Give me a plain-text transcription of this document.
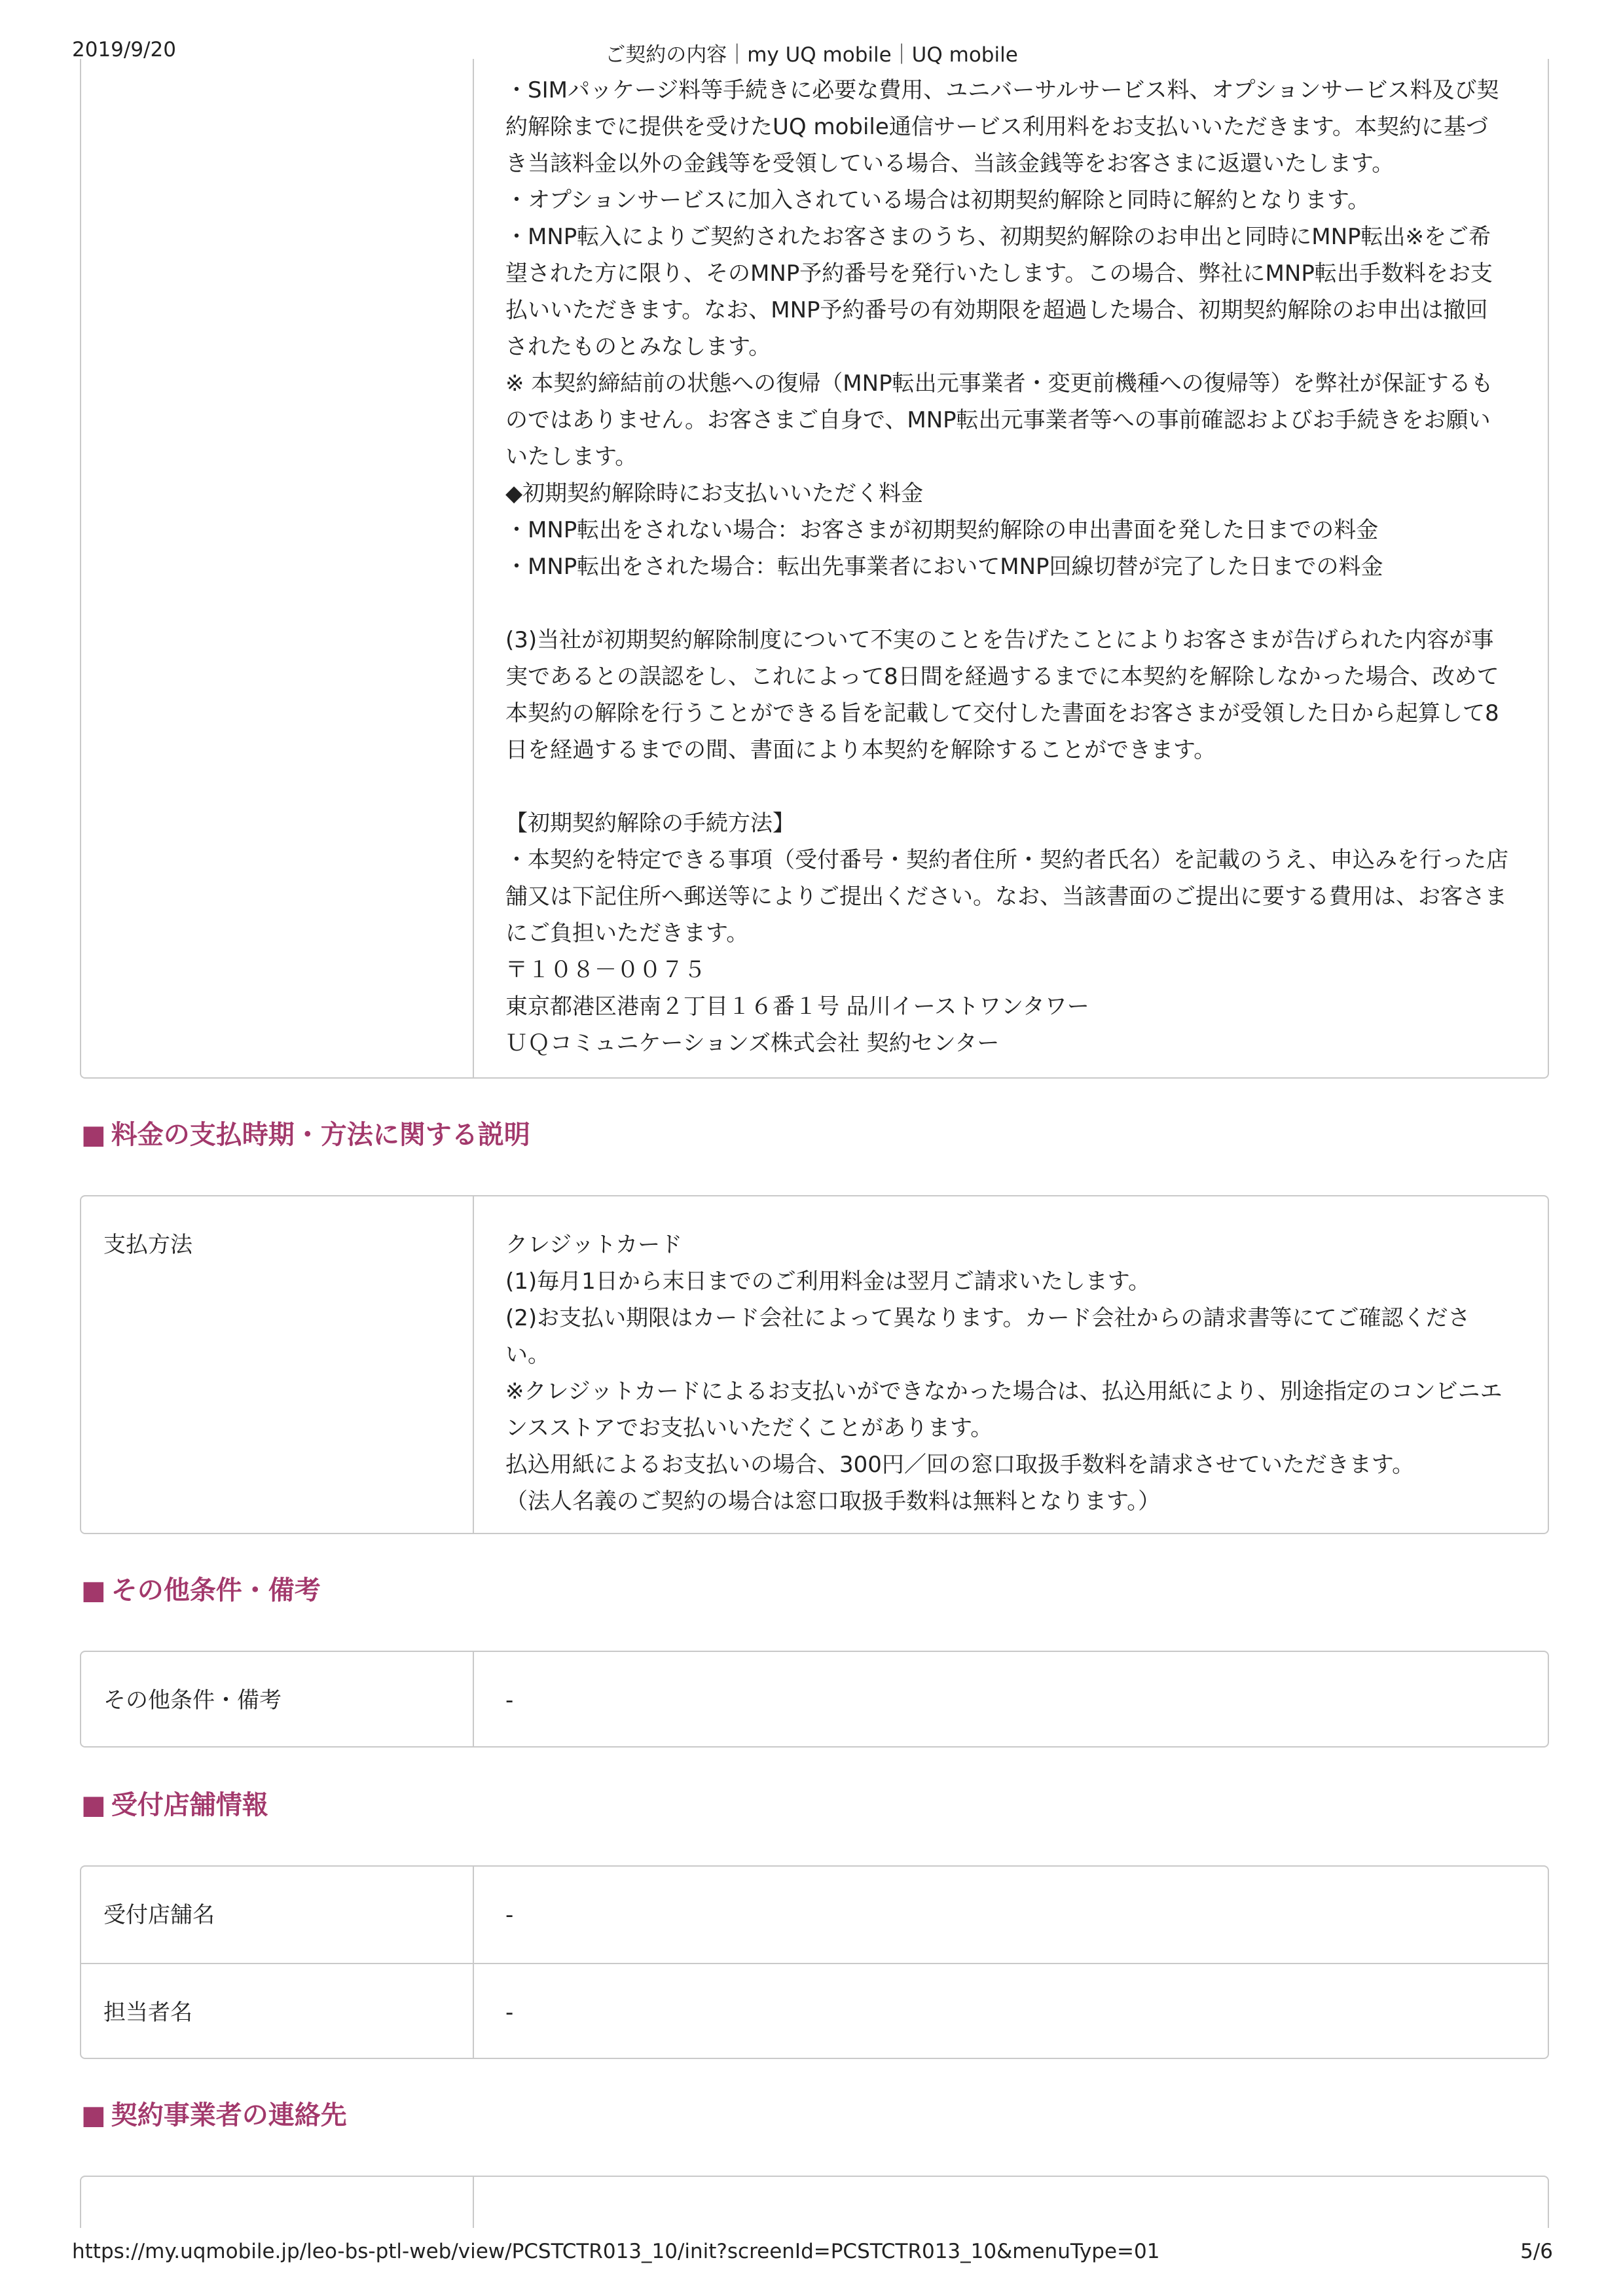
2019/9/20	ご契約の内容｜my UQ mobile｜UQ mobile

・SIMパッケージ料等手続きに必要な費用、ユニバーサルサービス料、オプションサービス料及び契

約解除までに提供を受けたUQ mobile通信サービス利用料をお支払いいただきます。本契約に基づ

き当該料金以外の金銭等を受領している場合、当該金銭等をお客さまに返還いたします。

・オプションサービスに加入されている場合は初期契約解除と同時に解約となります。

・MNP転入によりご契約されたお客さまのうち、初期契約解除のお申出と同時にMNP転出※をご希

望された方に限り、そのMNP予約番号を発行いたします。この場合、弊社にMNP転出手数料をお支

払いいただきます。なお、MNP予約番号の有効期限を超過した場合、初期契約解除のお申出は撤回

されたものとみなします。

※ 本契約締結前の状態への復帰（MNP転出元事業者・変更前機種への復帰等）を弊社が保証するも

のではありません。お客さまご自身で、MNP転出元事業者等への事前確認およびお手続きをお願い

いたします。

◆初期契約解除時にお支払いいただく料金

・MNP転出をされない場合：お客さまが初期契約解除の申出書面を発した日までの料金

・MNP転出をされた場合：転出先事業者においてMNP回線切替が完了した日までの料金

(3)当社が初期契約解除制度について不実のことを告げたことによりお客さまが告げられた内容が事

実であるとの誤認をし、これによって8日間を経過するまでに本契約を解除しなかった場合、改めて

本契約の解除を行うことができる旨を記載して交付した書面をお客さまが受領した日から起算して8

日を経過するまでの間、書面により本契約を解除することができます。

【初期契約解除の手続方法】

・本契約を特定できる事項（受付番号・契約者住所・契約者氏名）を記載のうえ、申込みを行った店

舗又は下記住所へ郵送等によりご提出ください。なお、当該書面のご提出に要する費用は、お客さま

にご負担いただきます。

〒１０８－００７５

東京都港区港南２丁目１６番１号 品川イーストワンタワー

ＵＱコミュニケーションズ株式会社 契約センター

■ 料金の支払時期・方法に関する説明
支払方法	クレジットカード

(1)毎月1日から末日までのご利用料金は翌月ご請求いたします。

(2)お支払い期限はカード会社によって異なります。カード会社からの請求書等にてご確認くださ

い。

※クレジットカードによるお支払いができなかった場合は、払込用紙により、別途指定のコンビニエ

ンスストアでお支払いいただくことがあります。

払込用紙によるお支払いの場合、300円／回の窓口取扱手数料を請求させていただきます。

（法人名義のご契約の場合は窓口取扱手数料は無料となります。）

■ その他条件・備考
その他条件・備考	-

■ 受付店舗情報
受付店舗名	-

担当者名	-

■ 契約事業者の連絡先
https://my.uqmobile.jp/leo-bs-ptl-web/view/PCSTCTR013_10/init?screenId=PCSTCTR013_10&menuType=01	5/6
